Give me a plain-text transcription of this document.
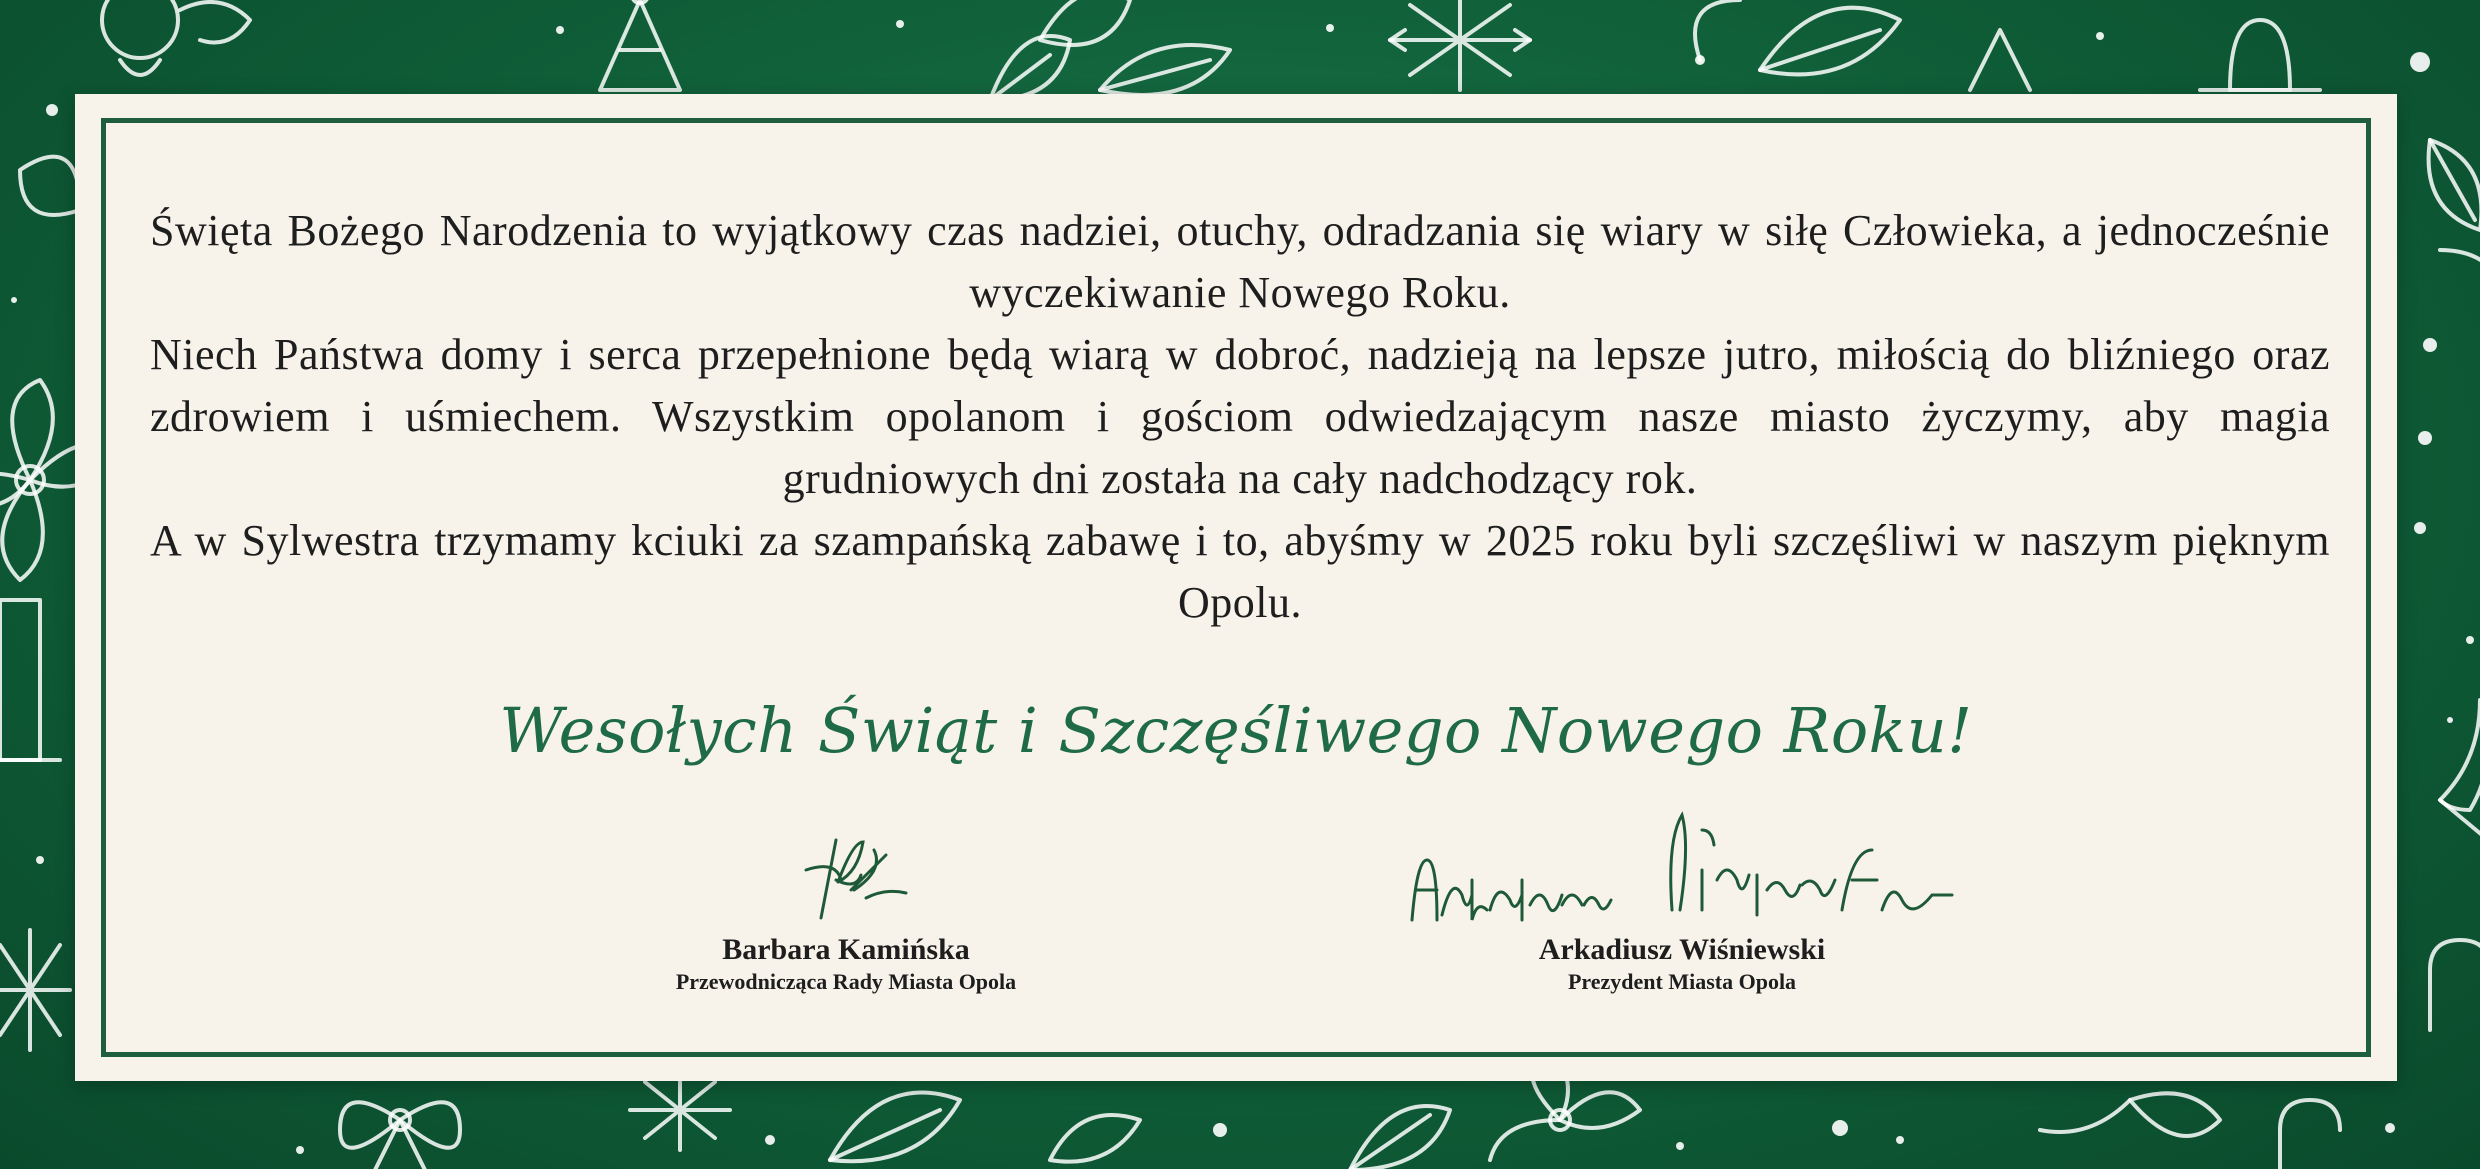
Święta Bożego Narodzenia to wyjątkowy czas nadziei, otuchy, odradzania się wiary w siłę Człowieka, a jednocześnie wyczekiwanie Nowego Roku.

Niech Państwa domy i serca przepełnione będą wiarą w dobroć, nadzieją na lepsze jutro, miłością do bliźniego oraz zdrowiem i uśmiechem. Wszystkim opolanom i gościom odwiedzającym nasze miasto życzymy, aby magia grudniowych dni została na cały nadchodzący rok.

A w Sylwestra trzymamy kciuki za szampańską zabawę i to, abyśmy w 2025 roku byli szczęśliwi w naszym pięknym Opolu.

Wesołych Świąt i Szczęśliwego Nowego Roku!
Barbara Kamińska
Przewodnicząca Rady Miasta Opola
Arkadiusz Wiśniewski
Prezydent Miasta Opola
